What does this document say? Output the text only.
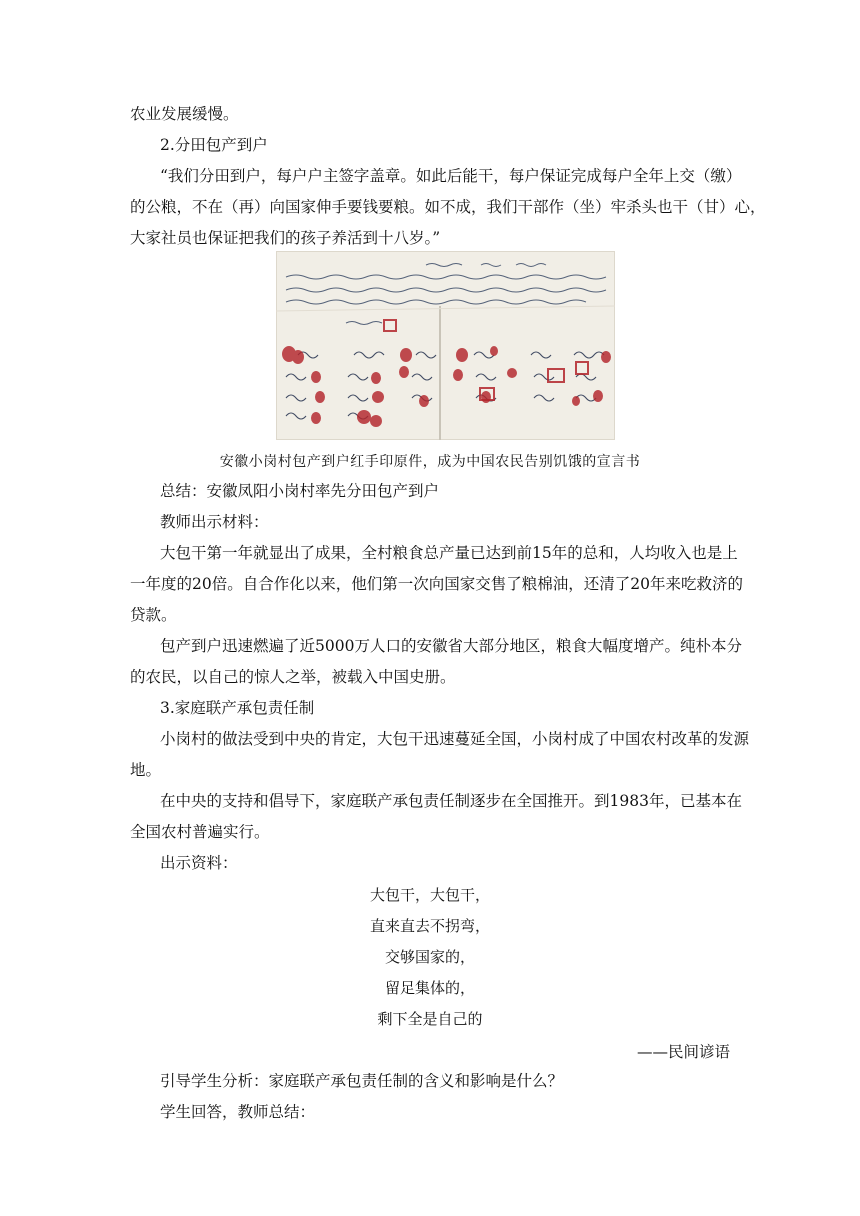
农业发展缓慢。
2.分田包产到户
“我们分田到户，每户户主签字盖章。如此后能干，每户保证完成每户全年上交（缴）
的公粮，不在（再）向国家伸手要钱要粮。如不成，我们干部作（坐）牢杀头也干（甘）心，
大家社员也保证把我们的孩子养活到十八岁。”
安徽小岗村包产到户红手印原件，成为中国农民告别饥饿的宣言书
总结：安徽凤阳小岗村率先分田包产到户
教师出示材料：
大包干第一年就显出了成果，全村粮食总产量已达到前15年的总和，人均收入也是上
一年度的20倍。自合作化以来，他们第一次向国家交售了粮棉油，还清了20年来吃救济的
贷款。
包产到户迅速燃遍了近5000万人口的安徽省大部分地区，粮食大幅度增产。纯朴本分
的农民，以自己的惊人之举，被载入中国史册。
3.家庭联产承包责任制
小岗村的做法受到中央的肯定，大包干迅速蔓延全国，小岗村成了中国农村改革的发源
地。
在中央的支持和倡导下，家庭联产承包责任制逐步在全国推开。到1983年，已基本在
全国农村普遍实行。
出示资料：
大包干，大包干，
直来直去不拐弯，
交够国家的，
留足集体的，
剩下全是自己的
——民间谚语
引导学生分析：家庭联产承包责任制的含义和影响是什么？
学生回答，教师总结：
